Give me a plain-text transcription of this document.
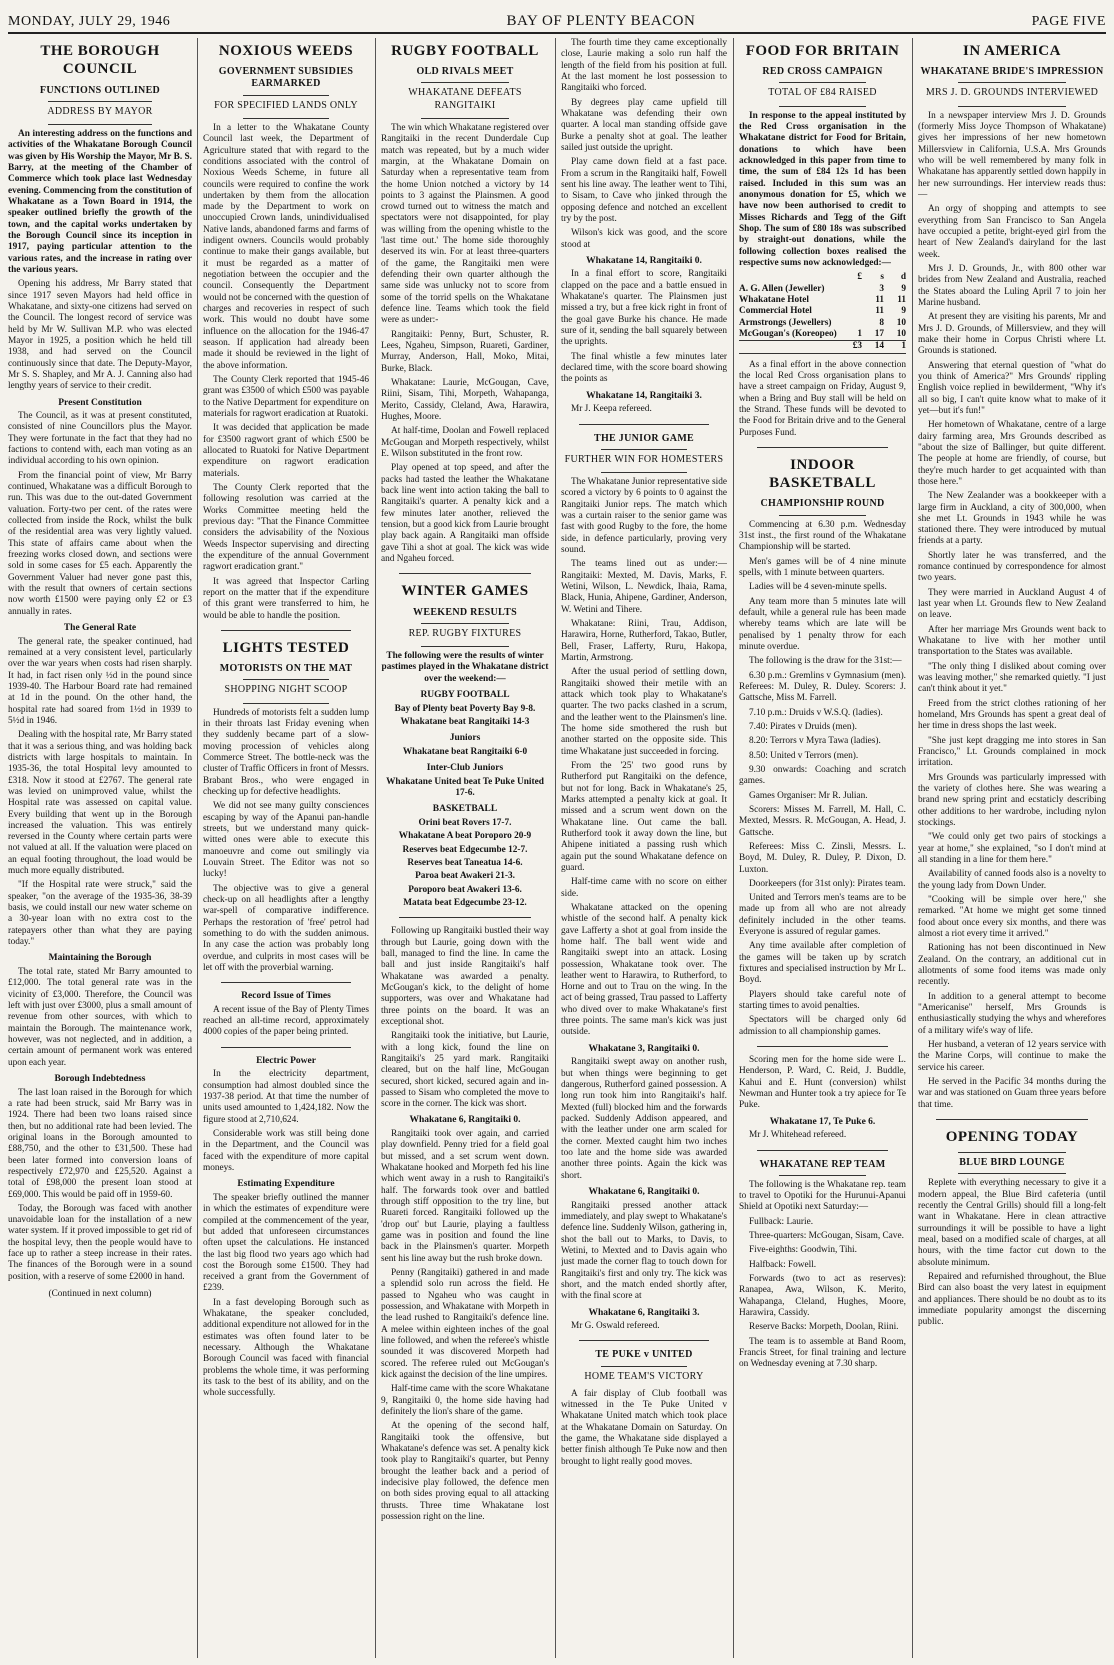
MONDAY, JULY 29, 1946	BAY OF PLENTY BEACON	PAGE FIVE
THE BOROUGH COUNCIL
FUNCTIONS OUTLINED
ADDRESS BY MAYOR

An interesting address on the functions and activities of the Whakatane Borough Council was given by His Worship the Mayor, Mr B. S. Barry, at the meeting of the Chamber of Commerce which took place last Wednesday evening. Commencing from the constitution of Whakatane as a Town Board in 1914, the speaker outlined briefly the growth of the town, and the capital works undertaken by the Borough Council since its inception in 1917, paying particular attention to the various rates, and the increase in rating over the various years.

Opening his address, Mr Barry stated that since 1917 seven Mayors had held office in Whakatane, and sixty-one citizens had served on the Council. The longest record of service was held by Mr W. Sullivan M.P. who was elected Mayor in 1925, a position which he held till 1938, and had served on the Council continuously since that date. The Deputy-Mayor, Mr S. S. Shapley, and Mr A. J. Canning also had lengthy years of service to their credit.

Present Constitution

The Council, as it was at present constituted, consisted of nine Councillors plus the Mayor. They were fortunate in the fact that they had no factions to contend with, each man voting as an individual according to his own opinion.

From the financial point of view, Mr Barry continued, Whakatane was a difficult Borough to run. This was due to the out-dated Government valuation. Forty-two per cent. of the rates were collected from inside the Rock, whilst the bulk of the residential area was very lightly valued. This state of affairs came about when the freezing works closed down, and sections were sold in some cases for £5 each. Apparently the Government Valuer had never gone past this, with the result that owners of certain sections now worth £1500 were paying only £2 or £3 annually in rates.

The General Rate

The general rate, the speaker continued, had remained at a very consistent level, particularly over the war years when costs had risen sharply. It had, in fact risen only ½d in the pound since 1939-40. The Harbour Board rate had remained at 1d in the pound. On the other hand, the hospital rate had soared from 1½d in 1939 to 5½d in 1946.

Dealing with the hospital rate, Mr Barry stated that it was a serious thing, and was holding back districts with large hospitals to maintain. In 1935-36, the total Hospital levy amounted to £318. Now it stood at £2767. The general rate was levied on unimproved value, whilst the Hospital rate was assessed on capital value. Every building that went up in the Borough increased the valuation. This was entirely reversed in the County where certain parts were not valued at all. If the valuation were placed on an equal footing throughout, the load would be much more equally distributed.

"If the Hospital rate were struck," said the speaker, "on the average of the 1935-36, 38-39 basis, we could install our new water scheme on a 30-year loan with no extra cost to the ratepayers other than what they are paying today."

Maintaining the Borough

The total rate, stated Mr Barry amounted to £12,000. The total general rate was in the vicinity of £3,000. Therefore, the Council was left with just over £3000, plus a small amount of revenue from other sources, with which to maintain the Borough. The maintenance work, however, was not neglected, and in addition, a certain amount of permanent work was entered upon each year.

Borough Indebtedness

The last loan raised in the Borough for which a rate had been struck, said Mr Barry was in 1924. There had been two loans raised since then, but no additional rate had been levied. The original loans in the Borough amounted to £88,750, and the other to £31,500. These had been later formed into conversion loans of respectively £72,970 and £25,520. Against a total of £98,000 the present loan stood at £69,000. This would be paid off in 1959-60.

Today, the Borough was faced with another unavoidable loan for the installation of a new water system. If it proved impossible to get rid of the hospital levy, then the people would have to face up to rather a steep increase in their rates. The finances of the Borough were in a sound position, with a reserve of some £2000 in hand.

(Continued in next column)

NOXIOUS WEEDS
GOVERNMENT SUBSIDIES EARMARKED
FOR SPECIFIED LANDS ONLY

In a letter to the Whakatane County Council last week, the Department of Agriculture stated that with regard to the conditions associated with the control of Noxious Weeds Scheme, in future all councils were required to confine the work undertaken by them from the allocation made by the Department to work on unoccupied Crown lands, unindividualised Native lands, abandoned farms and farms of indigent owners. Councils would probably continue to make their gangs available, but it must be regarded as a matter of negotiation between the occupier and the council. Consequently the Department would not be concerned with the question of charges and recoveries in respect of such work. This would no doubt have some influence on the allocation for the 1946-47 season. If application had already been made it should be reviewed in the light of the above information.

The County Clerk reported that 1945-46 grant was £3500 of which £500 was payable to the Native Department for expenditure on materials for ragwort eradication at Ruatoki.

It was decided that application be made for £3500 ragwort grant of which £500 be allocated to Ruatoki for Native Department expenditure on ragwort eradication materials.

The County Clerk reported that the following resolution was carried at the Works Committee meeting held the previous day: "That the Finance Committee considers the advisability of the Noxious Weeds Inspector supervising and directing the expenditure of the annual Government ragwort eradication grant."

It was agreed that Inspector Carling report on the matter that if the expenditure of this grant were transferred to him, he would be able to handle the position.

LIGHTS TESTED
MOTORISTS ON THE MAT
SHOPPING NIGHT SCOOP

Hundreds of motorists felt a sudden lump in their throats last Friday evening when they suddenly became part of a slow-moving procession of vehicles along Commerce Street. The bottle-neck was the cluster of Traffic Officers in front of Messrs. Brabant Bros., who were engaged in checking up for defective headlights.

We did not see many guilty consciences escaping by way of the Apanui pan-handle streets, but we understand many quick-witted ones were able to execute this manoeuvre and come out smilingly via Louvain Street. The Editor was not so lucky!

The objective was to give a general check-up on all headlights after a lengthy war-spell of comparative indifference. Perhaps the restoration of 'free' petrol had something to do with the sudden animous. In any case the action was probably long overdue, and culprits in most cases will be let off with the proverbial warning.

Record Issue of Times

A recent issue of the Bay of Plenty Times reached an all-time record, approximately 4000 copies of the paper being printed.

Electric Power

In the electricity department, consumption had almost doubled since the 1937-38 period. At that time the number of units used amounted to 1,424,182. Now the figure stood at 2,710,624.

Considerable work was still being done in the Department, and the Council was faced with the expenditure of more capital moneys.

Estimating Expenditure

The speaker briefly outlined the manner in which the estimates of expenditure were compiled at the commencement of the year, but added that unforeseen circumstances often upset the calculations. He instanced the last big flood two years ago which had cost the Borough some £1500. They had received a grant from the Government of £239.

In a fast developing Borough such as Whakatane, the speaker concluded, additional expenditure not allowed for in the estimates was often found later to be necessary. Although the Whakatane Borough Council was faced with financial problems the whole time, it was performing its task to the best of its ability, and on the whole successfully.

RUGBY FOOTBALL
OLD RIVALS MEET
WHAKATANE DEFEATS RANGITAIKI

The win which Whakatane registered over Rangitaiki in the recent Dunderdale Cup match was repeated, but by a much wider margin, at the Whakatane Domain on Saturday when a representative team from the home Union notched a victory by 14 points to 3 against the Plainsmen. A good crowd turned out to witness the match and spectators were not disappointed, for play was willing from the opening whistle to the 'last time out.' The home side thoroughly deserved its win. For at least three-quarters of the game, the Rangitaiki men were defending their own quarter although the same side was unlucky not to score from some of the torrid spells on the Whakatane defence line. Teams which took the field were as under:-

Rangitaiki: Penny, Burt, Schuster, R. Lees, Ngaheu, Simpson, Ruareti, Gardiner, Murray, Anderson, Hall, Moko, Mitai, Burke, Black.

Whakatane: Laurie, McGougan, Cave, Riini, Sisam, Tihi, Morpeth, Wahapanga, Merito, Cassidy, Cleland, Awa, Harawira, Hughes, Moore.

At half-time, Doolan and Fowell replaced McGougan and Morpeth respectively, whilst E. Wilson substituted in the front row.

Play opened at top speed, and after the packs had tasted the leather the Whakatane back line went into action taking the ball to Rangitaiki's quarter. A penalty kick and a few minutes later another, relieved the tension, but a good kick from Laurie brought play back again. A Rangitaiki man offside gave Tihi a shot at goal. The kick was wide and Ngaheu forced.

WINTER GAMES
WEEKEND RESULTS
REP. RUGBY FIXTURES

The following were the results of winter pastimes played in the Whakatane district over the weekend:—

RUGBY FOOTBALL

Bay of Plenty beat Poverty Bay 9-8.

Whakatane beat Rangitaiki 14-3

Juniors

Whakatane beat Rangitaiki 6-0

Inter-Club Juniors

Whakatane United beat Te Puke United 17-6.

BASKETBALL

Orini beat Rovers 17-7.

Whakatane A beat Poroporo 20-9

Reserves beat Edgecumbe 12-7.

Reserves beat Taneatua 14-6.

Paroa beat Awakeri 21-3.

Poroporo beat Awakeri 13-6.

Matata beat Edgecumbe 23-12.

Following up Rangitaiki bustled their way through but Laurie, going down with the ball, managed to find the line. In came the ball and just inside Rangitaiki's half Whakatane was awarded a penalty. McGougan's kick, to the delight of home supporters, was over and Whakatane had three points on the board. It was an exceptional shot.

Rangitaiki took the initiative, but Laurie, with a long kick, found the line on Rangitaiki's 25 yard mark. Rangitaiki cleared, but on the half line, McGougan secured, short kicked, secured again and in-passed to Sisam who completed the move to score in the corner. The kick was short.

Whakatane 6, Rangitaiki 0.

Rangitaiki took over again, and carried play downfield. Penny tried for a field goal but missed, and a set scrum went down. Whakatane hooked and Morpeth fed his line which went away in a rush to Rangitaiki's half. The forwards took over and battled through stiff opposition to the try line, but Ruareti forced. Rangitaiki followed up the 'drop out' but Laurie, playing a faultless game was in position and found the line back in the Plainsmen's quarter. Morpeth sent his line away but the rush broke down.

Penny (Rangitaiki) gathered in and made a splendid solo run across the field. He passed to Ngaheu who was caught in possession, and Whakatane with Morpeth in the lead rushed to Rangitaiki's defence line. A melee within eighteen inches of the goal line followed, and when the referee's whistle sounded it was discovered Morpeth had scored. The referee ruled out McGougan's kick against the decision of the line umpires.

Half-time came with the score Whakatane 9, Rangitaiki 0, the home side having had definitely the lion's share of the game.

At the opening of the second half, Rangitaiki took the offensive, but Whakatane's defence was set. A penalty kick took play to Rangitaiki's quarter, but Penny brought the leather back and a period of indecisive play followed, the defence men on both sides proving equal to all attacking thrusts. Three time Whakatane lost possession right on the line.

The fourth time they came exceptionally close, Laurie making a solo run half the length of the field from his position at full. At the last moment he lost possession to Rangitaiki who forced.

By degrees play came upfield till Whakatane was defending their own quarter. A local man standing offside gave Burke a penalty shot at goal. The leather sailed just outside the upright.

Play came down field at a fast pace. From a scrum in the Rangitaiki half, Fowell sent his line away. The leather went to Tihi, to Sisam, to Cave who jinked through the opposing defence and notched an excellent try by the post.

Wilson's kick was good, and the score stood at

Whakatane 14, Rangitaiki 0.

In a final effort to score, Rangitaiki clapped on the pace and a battle ensued in Whakatane's quarter. The Plainsmen just missed a try, but a free kick right in front of the goal gave Burke his chance. He made sure of it, sending the ball squarely between the uprights.

The final whistle a few minutes later declared time, with the score board showing the points as

Whakatane 14, Rangitaiki 3.

Mr J. Keepa refereed.

THE JUNIOR GAME
FURTHER WIN FOR HOMESTERS

The Whakatane Junior representative side scored a victory by 6 points to 0 against the Rangitaiki Junior reps. The match which was a curtain raiser to the senior game was fast with good Rugby to the fore, the home side, in defence particularly, proving very sound.

The teams lined out as under:— Rangitaiki: Mexted, M. Davis, Marks, F. Wetini, Wilson, L. Newdick, Ihaia, Rama, Black, Hunia, Ahipene, Gardiner, Anderson, W. Wetini and Tihere.

Whakatane: Riini, Trau, Addison, Harawira, Horne, Rutherford, Takao, Butler, Bell, Fraser, Lafferty, Ruru, Hakopa, Martin, Armstrong.

After the usual period of settling down, Rangitaiki showed their metile with an attack which took play to Whakatane's quarter. The two packs clashed in a scrum, and the leather went to the Plainsmen's line. The home side smothered the rush but another started on the opposite side. This time Whakatane just succeeded in forcing.

From the '25' two good runs by Rutherford put Rangitaiki on the defence, but not for long. Back in Whakatane's 25, Marks attempted a penalty kick at goal. It missed and a scrum went down on the Whakatane line. Out came the ball. Rutherford took it away down the line, but Ahipene initiated a passing rush which again put the sound Whakatane defence on guard.

Half-time came with no score on either side.

Whakatane attacked on the opening whistle of the second half. A penalty kick gave Lafferty a shot at goal from inside the home half. The ball went wide and Rangitaiki swept into an attack. Losing possession, Whakatane took over. The leather went to Harawira, to Rutherford, to Horne and out to Trau on the wing. In the act of being grassed, Trau passed to Lafferty who dived over to make Whakatane's first three points. The same man's kick was just outside.

Whakatane 3, Rangitaiki 0.

Rangitaiki swept away on another rush, but when things were beginning to get dangerous, Rutherford gained possession. A long run took him into Rangitaiki's half. Mexted (full) blocked him and the forwards packed. Suddenly Addison appeared, and with the leather under one arm scaled for the corner. Mexted caught him two inches too late and the home side was awarded another three points. Again the kick was short.

Whakatane 6, Rangitaiki 0.

Rangitaiki pressed another attack immediately, and play swept to Whakatane's defence line. Suddenly Wilson, gathering in, shot the ball out to Marks, to Davis, to Wetini, to Mexted and to Davis again who just made the corner flag to touch down for Rangitaiki's first and only try. The kick was short, and the match ended shortly after, with the final score at

Whakatane 6, Rangitaiki 3.

Mr G. Oswald refereed.

TE PUKE v UNITED
HOME TEAM'S VICTORY

A fair display of Club football was witnessed in the Te Puke United v Whakatane United match which took place at the Whakatane Domain on Saturday. On the game, the Whakatane side displayed a better finish although Te Puke now and then brought to light really good moves.

FOOD FOR BRITAIN
RED CROSS CAMPAIGN
TOTAL OF £84 RAISED

In response to the appeal instituted by the Red Cross organisation in the Whakatane district for Food for Britain, donations to which have been acknowledged in this paper from time to time, the sum of £84 12s 1d has been raised. Included in this sum was an anonymous donation for £5, which we have now been authorised to credit to Misses Richards and Tegg of the Gift Shop. The sum of £80 18s was subscribed by straight-out donations, while the following collection boxes realised the respective sums now acknowledged:—

	£	s	d
A. G. Allen (Jeweller)		3	9
Whakatane Hotel		11	11
Commercial Hotel		11	9
Armstrongs (Jewellers)		8	10
McGougan's (Koreopeo)	1	17	10
	£3	14	1

As a final effort in the above connection the local Red Cross organisation plans to have a street campaign on Friday, August 9, when a Bring and Buy stall will be held on the Strand. These funds will be devoted to the Food for Britain drive and to the General Purposes Fund.

INDOOR BASKETBALL
CHAMPIONSHIP ROUND

Commencing at 6.30 p.m. Wednesday 31st inst., the first round of the Whakatane Championship will be started.

Men's games will be of 4 nine minute spells, with 1 minute between quarters.

Ladies will be 4 seven-minute spells.

Any team more than 5 minutes late will default, while a general rule has been made whereby teams which are late will be penalised by 1 penalty throw for each minute overdue.

The following is the draw for the 31st:—

6.30 p.m.: Gremlins v Gymnasium (men). Referees: M. Duley, R. Duley. Scorers: J. Gattsche, Miss M. Farrell.

7.10 p.m.: Druids v W.S.Q. (ladies).

7.40: Pirates v Druids (men).

8.20: Terrors v Myra Tawa (ladies).

8.50: United v Terrors (men).

9.30 onwards: Coaching and scratch games.

Games Organiser: Mr R. Julian.

Scorers: Misses M. Farrell, M. Hall, C. Mexted, Messrs. R. McGougan, A. Head, J. Gattsche.

Referees: Miss C. Zinsli, Messrs. L. Boyd, M. Duley, R. Duley, P. Dixon, D. Luxton.

Doorkeepers (for 31st only): Pirates team.

United and Terrors men's teams are to be made up from all who are not already definitely included in the other teams. Everyone is assured of regular games.

Any time available after completion of the games will be taken up by scratch fixtures and specialised instruction by Mr L. Boyd.

Players should take careful note of starting times to avoid penalties.

Spectators will be charged only 6d admission to all championship games.

Scoring men for the home side were L. Henderson, P. Ward, C. Reid, J. Buddle, Kahui and E. Hunt (conversion) whilst Newman and Hunter took a try apiece for Te Puke.

Whakatane 17, Te Puke 6.

Mr J. Whitehead refereed.

WHAKATANE REP TEAM

The following is the Whakatane rep. team to travel to Opotiki for the Hurunui-Apanui Shield at Opotiki next Saturday:—

Fullback: Laurie.

Three-quarters: McGougan, Sisam, Cave.

Five-eighths: Goodwin, Tihi.

Halfback: Fowell.

Forwards (two to act as reserves): Ranapea, Awa, Wilson, K. Merito, Wahapanga, Cleland, Hughes, Moore, Harawira, Cassidy.

Reserve Backs: Morpeth, Doolan, Riini.

The team is to assemble at Band Room, Francis Street, for final training and lecture on Wednesday evening at 7.30 sharp.

IN AMERICA
WHAKATANE BRIDE'S IMPRESSION
MRS J. D. GROUNDS INTERVIEWED

In a newspaper interview Mrs J. D. Grounds (formerly Miss Joyce Thompson of Whakatane) gives her impressions of her new hometown Millersview in California, U.S.A. Mrs Grounds who will be well remembered by many folk in Whakatane has apparently settled down happily in her new surroundings. Her interview reads thus:—

An orgy of shopping and attempts to see everything from San Francisco to San Angela have occupied a petite, bright-eyed girl from the heart of New Zealand's dairyland for the last week.

Mrs J. D. Grounds, Jr., with 800 other war brides from New Zealand and Australia, reached the States aboard the Luling April 7 to join her Marine husband.

At present they are visiting his parents, Mr and Mrs J. D. Grounds, of Millersview, and they will make their home in Corpus Christi where Lt. Grounds is stationed.

Answering that eternal question of "what do you think of America?" Mrs Grounds' rippling English voice replied in bewilderment, "Why it's all so big, I can't quite know what to make of it yet—but it's fun!"

Her hometown of Whakatane, centre of a large dairy farming area, Mrs Grounds described as "about the size of Ballinger, but quite different. The people at home are friendly, of course, but they're much harder to get acquainted with than those here."

The New Zealander was a bookkeeper with a large firm in Auckland, a city of 300,000, when she met Lt. Grounds in 1943 while he was stationed there. They were introduced by mutual friends at a party.

Shortly later he was transferred, and the romance continued by correspondence for almost two years.

They were married in Auckland August 4 of last year when Lt. Grounds flew to New Zealand on leave.

After her marriage Mrs Grounds went back to Whakatane to live with her mother until transportation to the States was available.

"The only thing I disliked about coming over was leaving mother," she remarked quietly. "I just can't think about it yet."

Freed from the strict clothes rationing of her homeland, Mrs Grounds has spent a great deal of her time in dress shops the last week.

"She just kept dragging me into stores in San Francisco," Lt. Grounds complained in mock irritation.

Mrs Grounds was particularly impressed with the variety of clothes here. She was wearing a brand new spring print and ecstaticly describing other additions to her wardrobe, including nylon stockings.

"We could only get two pairs of stockings a year at home," she explained, "so I don't mind at all standing in a line for them here."

Availability of canned foods also is a novelty to the young lady from Down Under.

"Cooking will be simple over here," she remarked. "At home we might get some tinned food about once every six months, and there was almost a riot every time it arrived."

Rationing has not been discontinued in New Zealand. On the contrary, an additional cut in allotments of some food items was made only recently.

In addition to a general attempt to become "Americanise" herself, Mrs Grounds is enthusiastically studying the whys and wherefores of a military wife's way of life.

Her husband, a veteran of 12 years service with the Marine Corps, will continue to make the service his career.

He served in the Pacific 34 months during the war and was stationed on Guam three years before that time.

OPENING TODAY
BLUE BIRD LOUNGE

Replete with everything necessary to give it a modern appeal, the Blue Bird cafeteria (until recently the Central Grills) should fill a long-felt want in Whakatane. Here in clean attractive surroundings it will be possible to have a light meal, based on a modified scale of charges, at all hours, with the time factor cut down to the absolute minimum.

Repaired and refurnished throughout, the Blue Bird can also boast the very latest in equipment and appliances. There should be no doubt as to its immediate popularity amongst the discerning public.
